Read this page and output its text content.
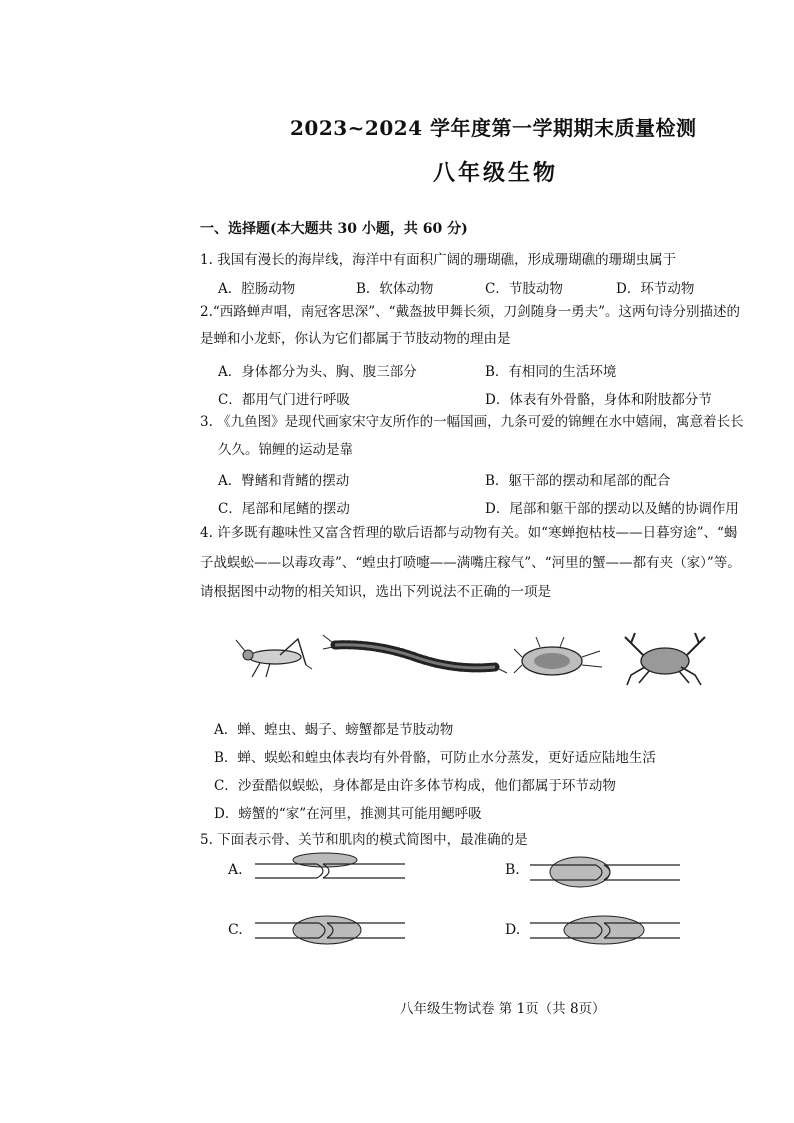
2023~2024 学年度第一学期期末质量检测
八年级生物
一、选择题(本大题共 30 小题，共 60 分)
1. 我国有漫长的海岸线，海洋中有面积广阔的珊瑚礁，形成珊瑚礁的珊瑚虫属于
A．腔肠动物	B．软体动物	C．节肢动物	D．环节动物
2.“西路蝉声唱，南冠客思深”、“戴盔披甲舞长须，刀剑随身一勇夫”。这两句诗分别描述的
是蝉和小龙虾，你认为它们都属于节肢动物的理由是
A．身体都分为头、胸、腹三部分	B．有相同的生活环境
C．都用气门进行呼吸	D．体表有外骨骼，身体和附肢都分节
3. 《九鱼图》是现代画家宋守友所作的一幅国画，九条可爱的锦鲤在水中嬉闹，寓意着长长
久久。锦鲤的运动是靠
A．臀鳍和背鳍的摆动	B．躯干部的摆动和尾部的配合
C．尾部和尾鳍的摆动	D．尾部和躯干部的摆动以及鳍的协调作用
4. 许多既有趣味性又富含哲理的歇后语都与动物有关。如“寒蝉抱枯枝——日暮穷途”、“蝎
子战蜈蚣——以毒攻毒”、“蝗虫打喷嚏——满嘴庄稼气”、“河里的蟹——都有夹（家）”等。
请根据图中动物的相关知识，选出下列说法不正确的一项是
A．蝉、蝗虫、蝎子、螃蟹都是节肢动物
B．蝉、蜈蚣和蝗虫体表均有外骨骼，可防止水分蒸发，更好适应陆地生活
C．沙蚕酷似蜈蚣，身体都是由许多体节构成，他们都属于环节动物
D．螃蟹的“家”在河里，推测其可能用鳃呼吸
5. 下面表示骨、关节和肌肉的模式简图中，最准确的是
A.	B.
C.	D.
八年级生物试卷 第 1页（共 8页）
